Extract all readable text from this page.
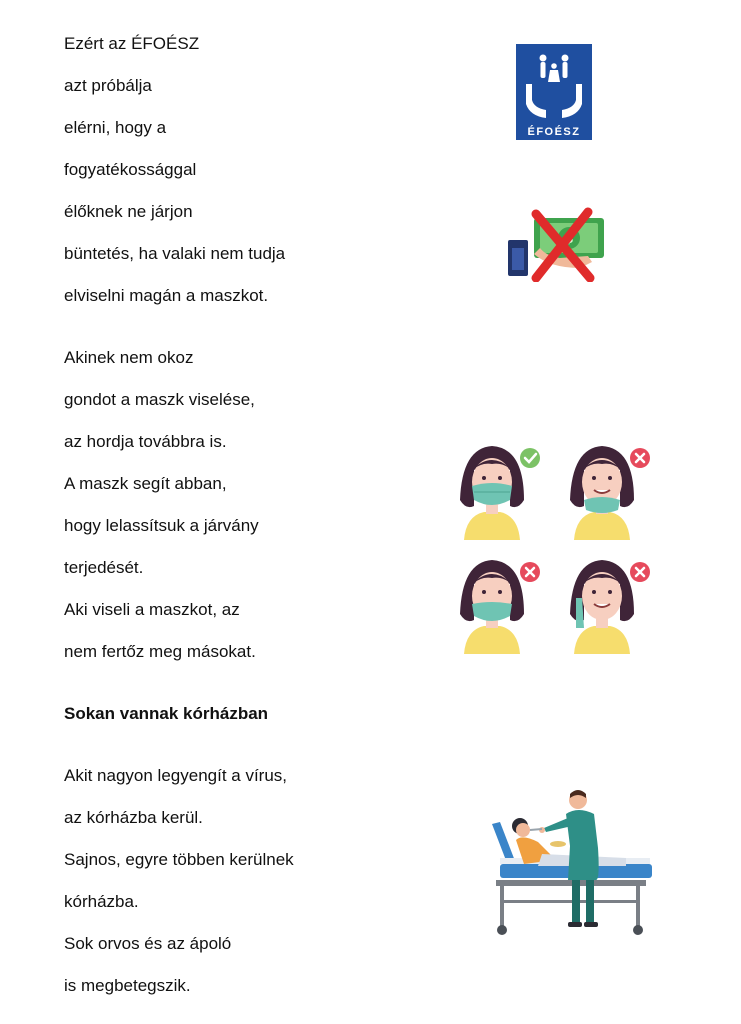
Ezért az ÉFOÉSZ

azt próbálja

elérni, hogy a

fogyatékossággal

élőknek ne járjon

büntetés, ha valaki nem tudja

elviselni magán a maszkot.

Akinek nem okoz

gondot a maszk viselése,

az hordja továbbra is.

A maszk segít abban,

hogy lelassítsuk a járvány

terjedését.

Aki viseli a maszkot, az

nem fertőz meg másokat.

Sokan vannak kórházban

Akit nagyon legyengít a vírus,

az kórházba kerül.

Sajnos, egyre többen kerülnek

kórházba.

Sok orvos és az ápoló

is megbetegszik.

ÉFOÉSZ
